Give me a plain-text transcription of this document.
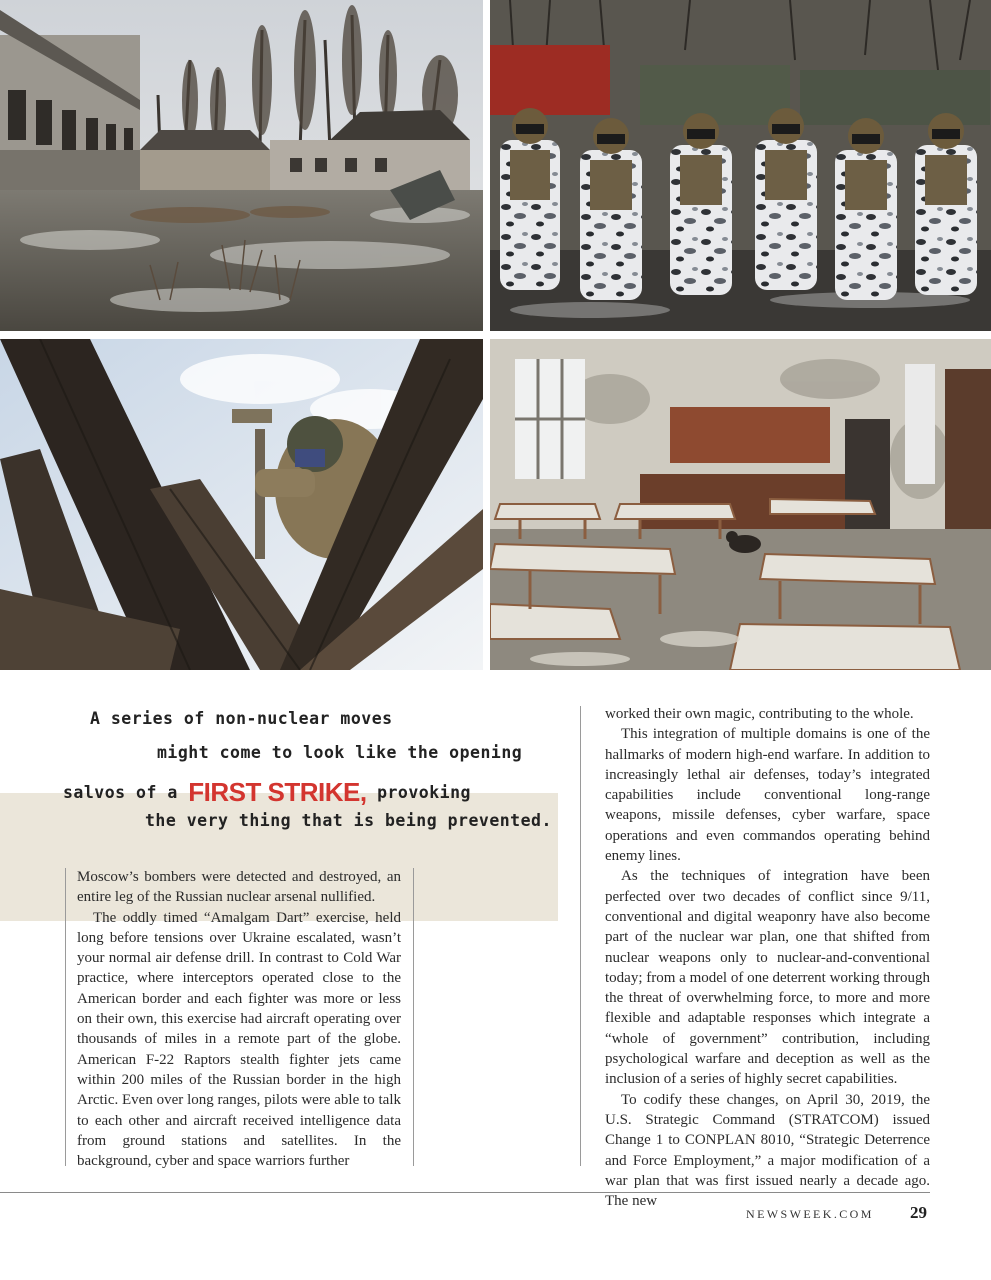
A series of non-nuclear moves
might come to look like the opening
salvos of a FIRST STRIKE, provoking
the very thing that is being prevented.

Moscow’s bombers were detected and destroyed, an entire leg of the Russian nuclear arsenal nullified.

The oddly timed “Amalgam Dart” exercise, held long before tensions over Ukraine escalated, wasn’t your normal air defense drill. In contrast to Cold War practice, where interceptors operated close to the American border and each fighter was more or less on their own, this exercise had aircraft operating over thousands of miles in a remote part of the globe. American F-22 Raptors stealth fighter jets came within 200 miles of the Russian border in the high Arctic. Even over long ranges, pilots were able to talk to each other and aircraft received intelligence data from ground stations and satellites. In the background, cyber and space warriors further

worked their own magic, contributing to the whole.

This integration of multiple domains is one of the hallmarks of modern high-end warfare. In addition to increasingly lethal air defenses, today’s integrated capabilities include conventional long-range weapons, missile defenses, cyber warfare, space operations and even commandos operating behind enemy lines.

As the techniques of integration have been perfected over two decades of conflict since 9/11, conventional and digital weaponry have also become part of the nuclear war plan, one that shifted from nuclear weapons only to nuclear-and-conventional today; from a model of one deterrent working through the threat of overwhelming force, to more and more flexible and adaptable responses which integrate a “whole of government” contribution, including psychological warfare and deception as well as the inclusion of a series of highly secret capabilities.

To codify these changes, on April 30, 2019, the U.S. Strategic Command (STRATCOM) issued Change 1 to CONPLAN 8010, “Strategic Deterrence and Force Employment,” a major modification of a war plan that was first issued nearly a decade ago. The new

NEWSWEEK.COM 29
